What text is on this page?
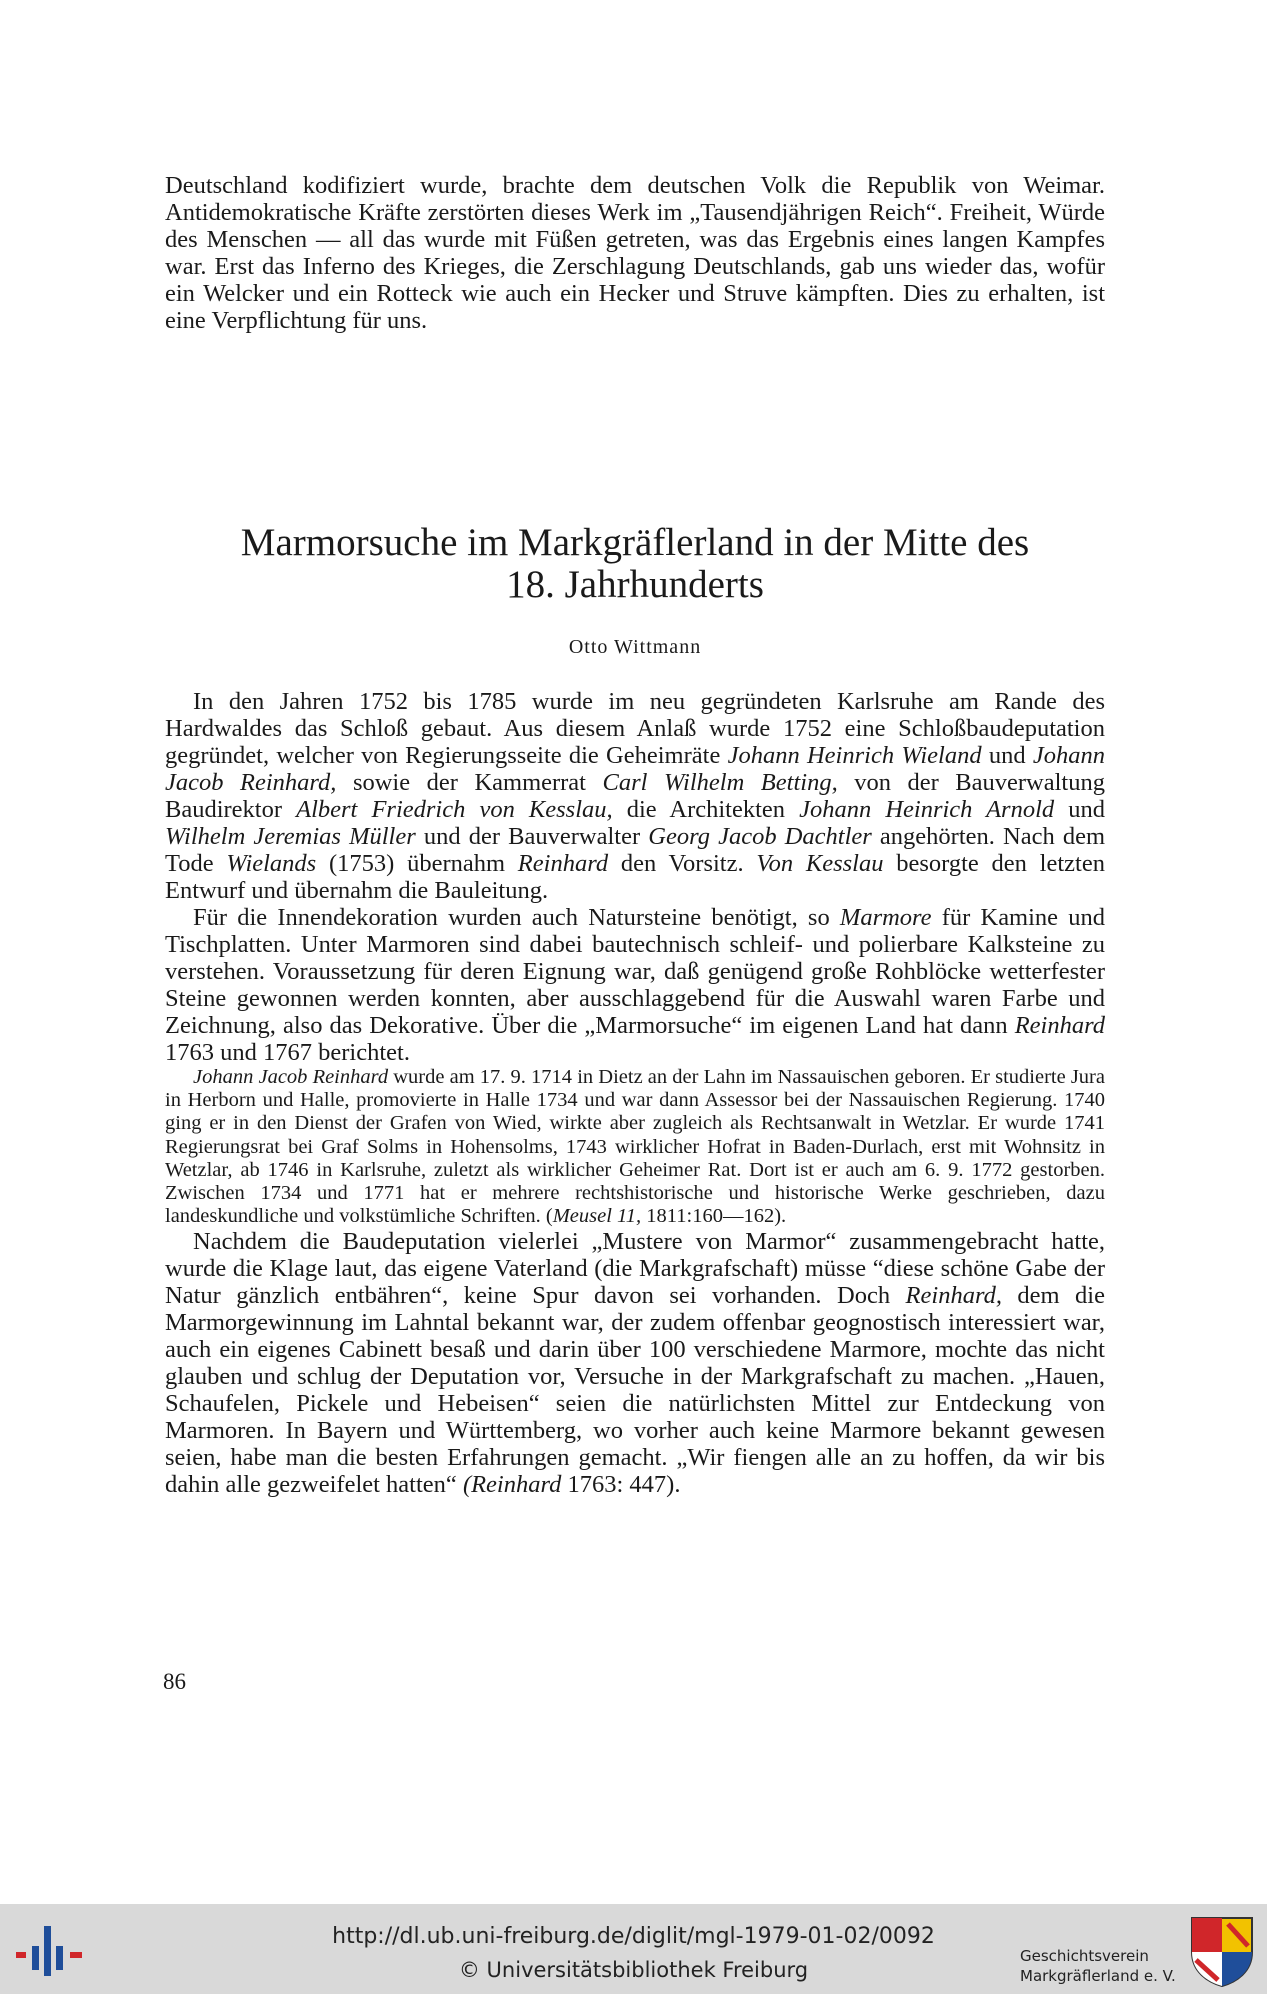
Deutschland kodifiziert wurde, brachte dem deutschen Volk die Republik von Weimar. Antidemokratische Kräfte zerstörten dieses Werk im „Tausendjährigen Reich“. Freiheit, Würde des Menschen — all das wurde mit Füßen getreten, was das Ergebnis eines langen Kampfes war. Erst das Inferno des Krieges, die Zerschlagung Deutschlands, gab uns wieder das, wofür ein Welcker und ein Rotteck wie auch ein Hecker und Struve kämpften. Dies zu erhalten, ist eine Verpflichtung für uns.

Marmorsuche im Markgräflerland in der Mitte des
18. Jahrhunderts
Otto Wittmann

In den Jahren 1752 bis 1785 wurde im neu gegründeten Karlsruhe am Rande des Hardwaldes das Schloß gebaut. Aus diesem Anlaß wurde 1752 eine Schloßbaudeputation gegründet, welcher von Regierungsseite die Geheimräte Johann Heinrich Wieland und Johann Jacob Reinhard, sowie der Kammerrat Carl Wilhelm Betting, von der Bauverwaltung Baudirektor Albert Friedrich von Kesslau, die Architekten Johann Heinrich Arnold und Wilhelm Jeremias Müller und der Bauverwalter Georg Jacob Dachtler angehörten. Nach dem Tode Wielands (1753) übernahm Reinhard den Vorsitz. Von Kesslau besorgte den letzten Entwurf und übernahm die Bauleitung.

Für die Innendekoration wurden auch Natursteine benötigt, so Marmore für Kamine und Tischplatten. Unter Marmoren sind dabei bautechnisch schleif- und polierbare Kalksteine zu verstehen. Voraussetzung für deren Eignung war, daß genügend große Rohblöcke wetterfester Steine gewonnen werden konnten, aber ausschlaggebend für die Auswahl waren Farbe und Zeichnung, also das Dekorative. Über die „Marmorsuche“ im eigenen Land hat dann Reinhard 1763 und 1767 berichtet.

Johann Jacob Reinhard wurde am 17. 9. 1714 in Dietz an der Lahn im Nassauischen geboren. Er studierte Jura in Herborn und Halle, promovierte in Halle 1734 und war dann Assessor bei der Nassauischen Regierung. 1740 ging er in den Dienst der Grafen von Wied, wirkte aber zugleich als Rechtsanwalt in Wetzlar. Er wurde 1741 Regierungsrat bei Graf Solms in Hohensolms, 1743 wirklicher Hofrat in Baden-Durlach, erst mit Wohnsitz in Wetzlar, ab 1746 in Karlsruhe, zuletzt als wirklicher Geheimer Rat. Dort ist er auch am 6. 9. 1772 gestorben. Zwischen 1734 und 1771 hat er mehrere rechtshistorische und historische Werke geschrieben, dazu landeskundliche und volkstümliche Schriften. (Meusel 11, 1811:160—162).

Nachdem die Baudeputation vielerlei „Mustere von Marmor“ zusammengebracht hatte, wurde die Klage laut, das eigene Vaterland (die Markgrafschaft) müsse “diese schöne Gabe der Natur gänzlich entbähren“, keine Spur davon sei vorhanden. Doch Reinhard, dem die Marmorgewinnung im Lahntal bekannt war, der zudem offenbar geognostisch interessiert war, auch ein eigenes Cabinett besaß und darin über 100 verschiedene Marmore, mochte das nicht glauben und schlug der Deputation vor, Versuche in der Markgrafschaft zu machen. „Hauen, Schaufelen, Pickele und Hebeisen“ seien die natürlichsten Mittel zur Entdeckung von Marmoren. In Bayern und Württemberg, wo vorher auch keine Marmore bekannt gewesen seien, habe man die besten Erfahrungen gemacht. „Wir fiengen alle an zu hoffen, da wir bis dahin alle gezweifelet hatten“ (Reinhard 1763: 447).

86
http://dl.ub.uni-freiburg.de/diglit/mgl-1979-01-02/0092
© Universitätsbibliothek Freiburg
Geschichtsverein
Markgräflerland e. V.
